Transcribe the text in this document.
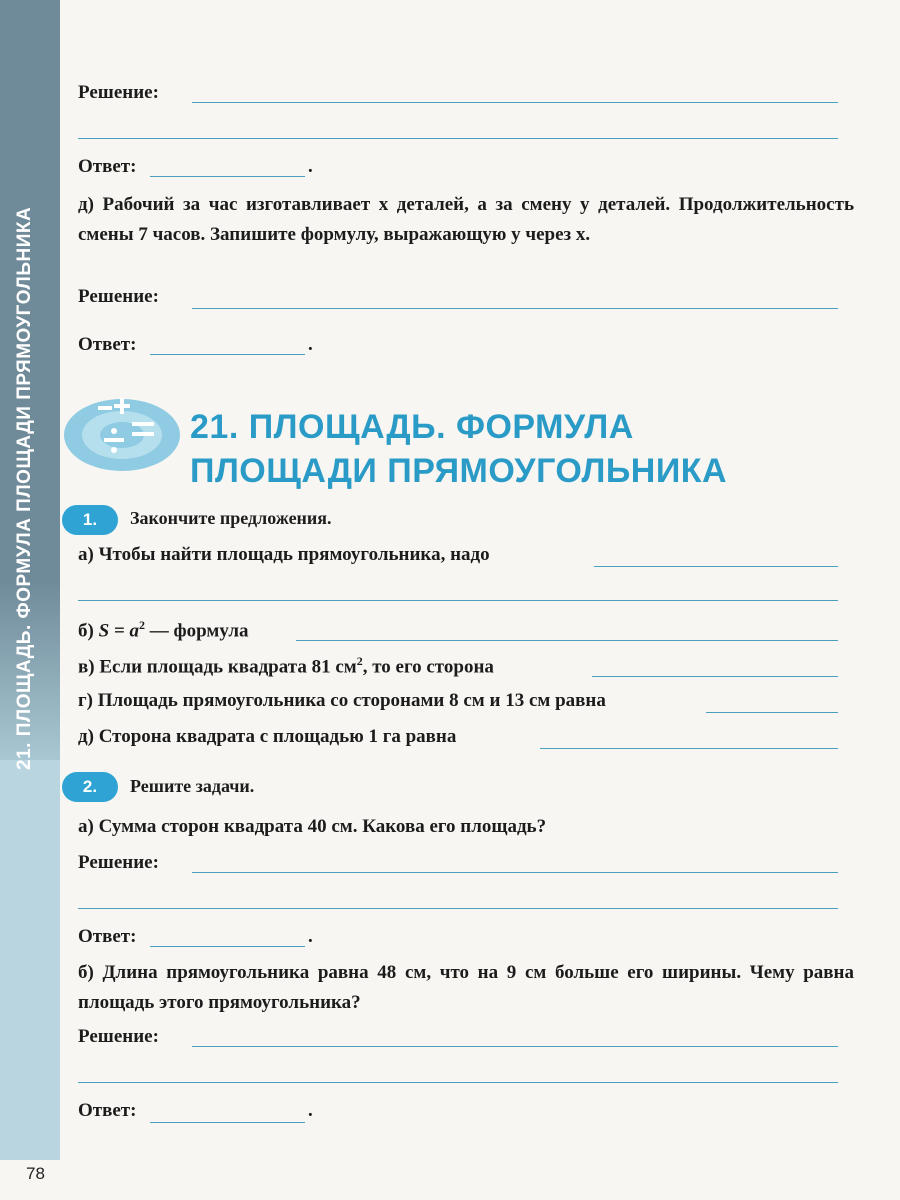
21. ПЛОЩАДЬ. ФОРМУЛА ПЛОЩАДИ ПРЯМОУГОЛЬНИКА
78
Решение:
Ответ:	.
д) Рабочий за час изготавливает x деталей, а за смену y деталей. Продолжительность смены 7 часов. Запишите формулу, выражающую y через x.
Решение:
Ответ:	.
21. ПЛОЩАДЬ. ФОРМУЛА
ПЛОЩАДИ ПРЯМОУГОЛЬНИКА
1.	Закончите предложения.
а) Чтобы найти площадь прямоугольника, надо
б) $S = a^2$ — формула
в) Если площадь квадрата 81 $см^2$, то его сторона
г) Площадь прямоугольника со сторонами 8 см и 13 см равна
д) Сторона квадрата с площадью 1 га равна
2.	Решите задачи.
а) Сумма сторон квадрата 40 см. Какова его площадь?
Решение:
Ответ:	.
б) Длина прямоугольника равна 48 см, что на 9 см больше его ширины. Чему равна площадь этого прямоугольника?
Решение:
Ответ:	.
